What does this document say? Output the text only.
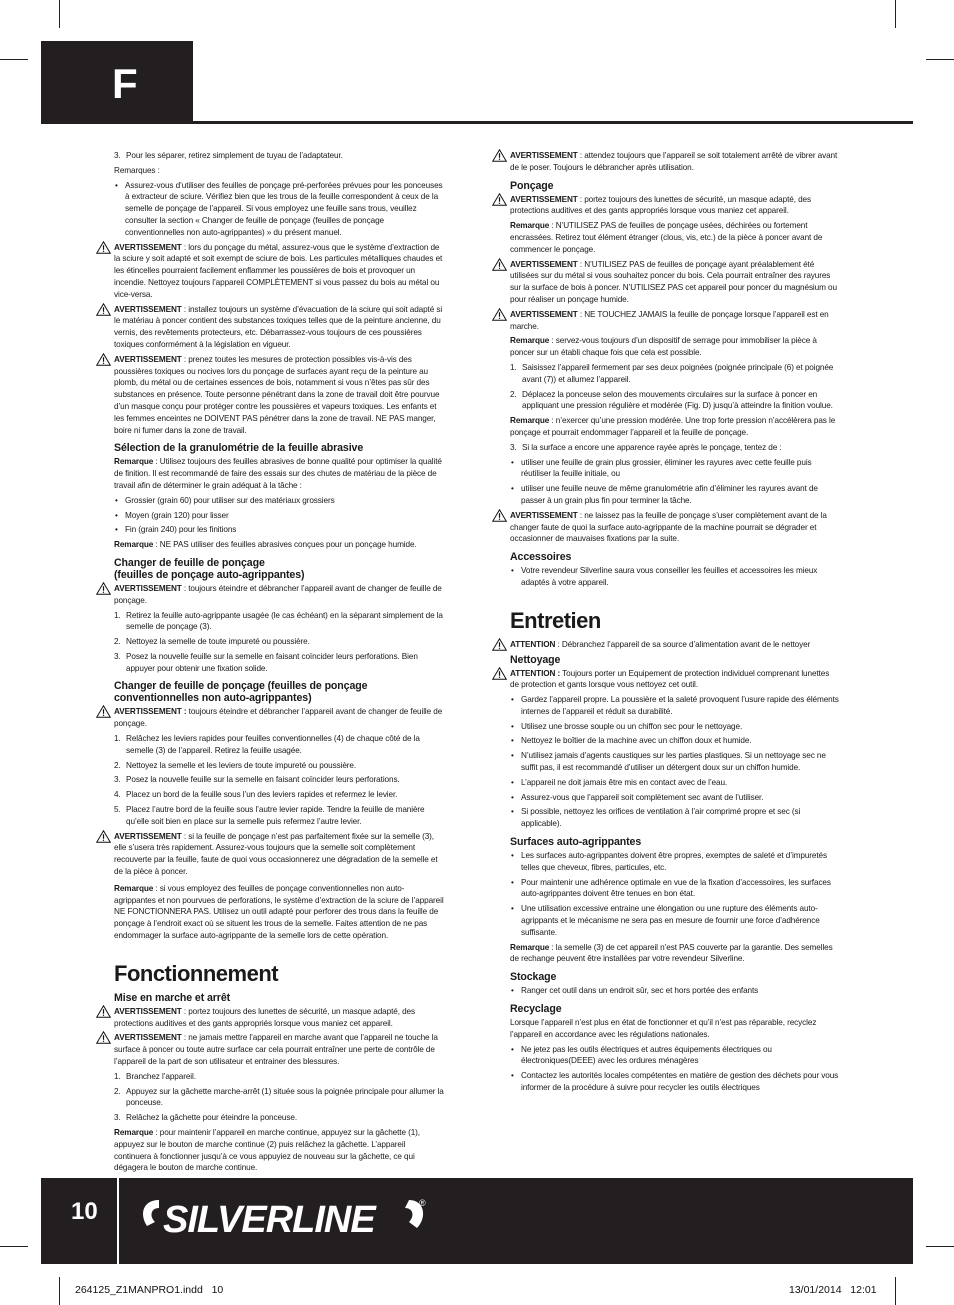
F

3. Pour les séparer, retirez simplement de tuyau de l’adaptateur.

Remarques :

• Assurez-vous d’utiliser des feuilles de ponçage pré-perforées prévues pour les ponceuses à extracteur de sciure. Vérifiez bien que les trous de la feuille correspondent à ceux de la semelle de ponçage de l’appareil. Si vous employez une feuille sans trous, veuillez consulter la section « Changer de feuille de ponçage (feuilles de ponçage conventionnelles non auto-agrippantes) » du présent manuel.

AVERTISSEMENT : lors du ponçage du métal, assurez-vous que le système d’extraction de la sciure y soit adapté et soit exempt de sciure de bois. Les particules métalliques chaudes et les étincelles pourraient facilement enflammer les poussières de bois et provoquer un incendie. Nettoyez toujours l’appareil COMPLÈTEMENT si vous passez du bois au métal ou vice-versa.

AVERTISSEMENT : installez toujours un système d’évacuation de la sciure qui soit adapté si le matériau à poncer contient des substances toxiques telles que de la peinture ancienne, du vernis, des revêtements protecteurs, etc. Débarrassez-vous toujours de ces poussières toxiques conformément à la législation en vigueur.

AVERTISSEMENT : prenez toutes les mesures de protection possibles vis-à-vis des poussières toxiques ou nocives lors du ponçage de surfaces ayant reçu de la peinture au plomb, du métal ou de certaines essences de bois, notamment si vous n’êtes pas sûr des substances en présence. Toute personne pénétrant dans la zone de travail doit être pourvue d’un masque conçu pour protéger contre les poussières et vapeurs toxiques. Les enfants et les femmes enceintes ne DOIVENT PAS pénétrer dans la zone de travail. NE PAS manger, boire ni fumer dans la zone de travail.

Sélection de la granulométrie de la feuille abrasive

Remarque : Utilisez toujours des feuilles abrasives de bonne qualité pour optimiser la qualité de finition. Il est recommandé de faire des essais sur des chutes de matériau de la pièce de travail afin de déterminer le grain adéquat à la tâche :

• Grossier (grain 60) pour utiliser sur des matériaux grossiers

• Moyen (grain 120) pour lisser

• Fin (grain 240) pour les finitions

Remarque : NE PAS utiliser des feuilles abrasives conçues pour un ponçage humide.

Changer de feuille de ponçage
(feuilles de ponçage auto-agrippantes)

AVERTISSEMENT : toujours éteindre et débrancher l’appareil avant de changer de feuille de ponçage.

1. Retirez la feuille auto-agrippante usagée (le cas échéant) en la séparant simplement de la semelle de ponçage (3).

2. Nettoyez la semelle de toute impureté ou poussière.

3. Posez la nouvelle feuille sur la semelle en faisant coïncider leurs perforations. Bien appuyer pour obtenir une fixation solide.

Changer de feuille de ponçage (feuilles de ponçage conventionnelles non auto-agrippantes)

AVERTISSEMENT : toujours éteindre et débrancher l’appareil avant de changer de feuille de ponçage.

1. Relâchez les leviers rapides pour feuilles conventionnelles (4) de chaque côté de la semelle (3) de l’appareil. Retirez la feuille usagée.

2. Nettoyez la semelle et les leviers de toute impureté ou poussière.

3. Posez la nouvelle feuille sur la semelle en faisant coïncider leurs perforations.

4. Placez un bord de la feuille sous l’un des leviers rapides et refermez le levier.

5. Placez l’autre bord de la feuille sous l’autre levier rapide. Tendre la feuille de manière qu’elle soit bien en place sur la semelle puis refermez l’autre levier.

AVERTISSEMENT : si la feuille de ponçage n’est pas parfaitement fixée sur la semelle (3), elle s’usera très rapidement. Assurez-vous toujours que la semelle soit complètement recouverte par la feuille, faute de quoi vous occasionnerez une dégradation de la semelle et de la pièce à poncer.

Remarque : si vous employez des feuilles de ponçage conventionnelles non auto-agrippantes et non pourvues de perforations, le système d’extraction de la sciure de l’appareil NE FONCTIONNERA PAS. Utilisez un outil adapté pour perforer des trous dans la feuille de ponçage à l’endroit exact où se situent les trous de la semelle. Faites attention de ne pas endommager la surface auto-agrippante de la semelle lors de cette opération.

Fonctionnement
Mise en marche et arrêt

AVERTISSEMENT : portez toujours des lunettes de sécurité, un masque adapté, des protections auditives et des gants appropriés lorsque vous maniez cet appareil.

AVERTISSEMENT : ne jamais mettre l’appareil en marche avant que l’appareil ne touche la surface à poncer ou toute autre surface car cela pourrait entraîner une perte de contrôle de l’appareil de la part de son utilisateur et entrainer des blessures.

1. Branchez l’appareil.

2. Appuyez sur la gâchette marche-arrêt (1) située sous la poignée principale pour allumer la ponceuse.

3. Relâchez la gâchette pour éteindre la ponceuse.

Remarque : pour maintenir l’appareil en marche continue, appuyez sur la gâchette (1), appuyez sur le bouton de marche continue (2) puis relâchez la gâchette. L’appareil continuera à fonctionner jusqu’à ce vous appuyiez de nouveau sur la gâchette, ce qui dégagera le bouton de marche continue.

AVERTISSEMENT : attendez toujours que l’appareil se soit totalement arrêté de vibrer avant de le poser. Toujours le débrancher après utilisation.

Ponçage

AVERTISSEMENT : portez toujours des lunettes de sécurité, un masque adapté, des protections auditives et des gants appropriés lorsque vous maniez cet appareil.

Remarque : N’UTILISEZ PAS de feuilles de ponçage usées, déchirées ou fortement encrassées. Retirez tout élément étranger (clous, vis, etc.) de la pièce à poncer avant de commencer le ponçage.

AVERTISSEMENT : N’UTILISEZ PAS de feuilles de ponçage ayant préalablement été utilisées sur du métal si vous souhaitez poncer du bois. Cela pourrait entraîner des rayures sur la surface de bois à poncer. N’UTILISEZ PAS cet appareil pour poncer du magnésium ou pour réaliser un ponçage humide.

AVERTISSEMENT : NE TOUCHEZ JAMAIS la feuille de ponçage lorsque l’appareil est en marche.

Remarque : servez-vous toujours d’un dispositif de serrage pour immobiliser la pièce à poncer sur un établi chaque fois que cela est possible.

1. Saisissez l’appareil fermement par ses deux poignées (poignée principale (6) et poignée avant (7)) et allumez l’appareil.

2. Déplacez la ponceuse selon des mouvements circulaires sur la surface à poncer en appliquant une pression régulière et modérée (Fig. D) jusqu’à atteindre la finition voulue.

Remarque : n’exercer qu’une pression modérée. Une trop forte pression n’accélèrera pas le ponçage et pourrait endommager l’appareil et la feuille de ponçage.

3. Si la surface a encore une apparence rayée après le ponçage, tentez de :

• utiliser une feuille de grain plus grossier, éliminer les rayures avec cette feuille puis réutiliser la feuille initiale, ou

• utiliser une feuille neuve de même granulométrie afin d’éliminer les rayures avant de passer à un grain plus fin pour terminer la tâche.

AVERTISSEMENT : ne laissez pas la feuille de ponçage s’user complètement avant de la changer faute de quoi la surface auto-agrippante de la machine pourrait se dégrader et occasionner de mauvaises fixations par la suite.

Accessoires

• Votre revendeur Silverline saura vous conseiller les feuilles et accessoires les mieux adaptés à votre appareil.

Entretien

ATTENTION : Débranchez l’appareil de sa source d’alimentation avant de le nettoyer

Nettoyage

ATTENTION : Toujours porter un Equipement de protection individuel comprenant lunettes de protection et gants lorsque vous nettoyez cet outil.

• Gardez l’appareil propre. La poussière et la saleté provoquent l’usure rapide des éléments internes de l’appareil et réduit sa durabilité.

• Utilisez une brosse souple ou un chiffon sec pour le nettoyage.

• Nettoyez le boîtier de la machine avec un chiffon doux et humide.

• N’utilisez jamais d’agents caustiques sur les parties plastiques. Si un nettoyage sec ne suffit pas, il est recommandé d’utiliser un détergent doux sur un chiffon humide.

• L’appareil ne doit jamais être mis en contact avec de l’eau.

• Assurez-vous que l’appareil soit complètement sec avant de l’utiliser.

• Si possible, nettoyez les orifices de ventilation à l’air comprimé propre et sec (si applicable).

Surfaces auto-agrippantes

• Les surfaces auto-agrippantes doivent être propres, exemptes de saleté et d’impuretés telles que cheveux, fibres, particules, etc.

• Pour maintenir une adhérence optimale en vue de la fixation d’accessoires, les surfaces auto-agrippantes doivent être tenues en bon état.

• Une utilisation excessive entraine une élongation ou une rupture des éléments auto-agrippants et le mécanisme ne sera pas en mesure de fournir une force d’adhérence suffisante.

Remarque : la semelle (3) de cet appareil n’est PAS couverte par la garantie. Des semelles de rechange peuvent être installées par votre revendeur Silverline.

Stockage

• Ranger cet outil dans un endroit sûr, sec et hors portée des enfants

Recyclage

Lorsque l’appareil n’est plus en état de fonctionner et qu’il n’est pas réparable, recyclez l’appareil en accordance avec les régulations nationales.

• Ne jetez pas les outils électriques et autres équipements électriques ou électroniques(DEEE) avec les ordures ménagères

• Contactez les autorités locales compétentes en matière de gestion des déchets pour vous informer de la procédure à suivre pour recycler les outils électriques

10	SILVERLINE	®
264125_Z1MANPRO1.indd   10	13/01/2014   12:01
